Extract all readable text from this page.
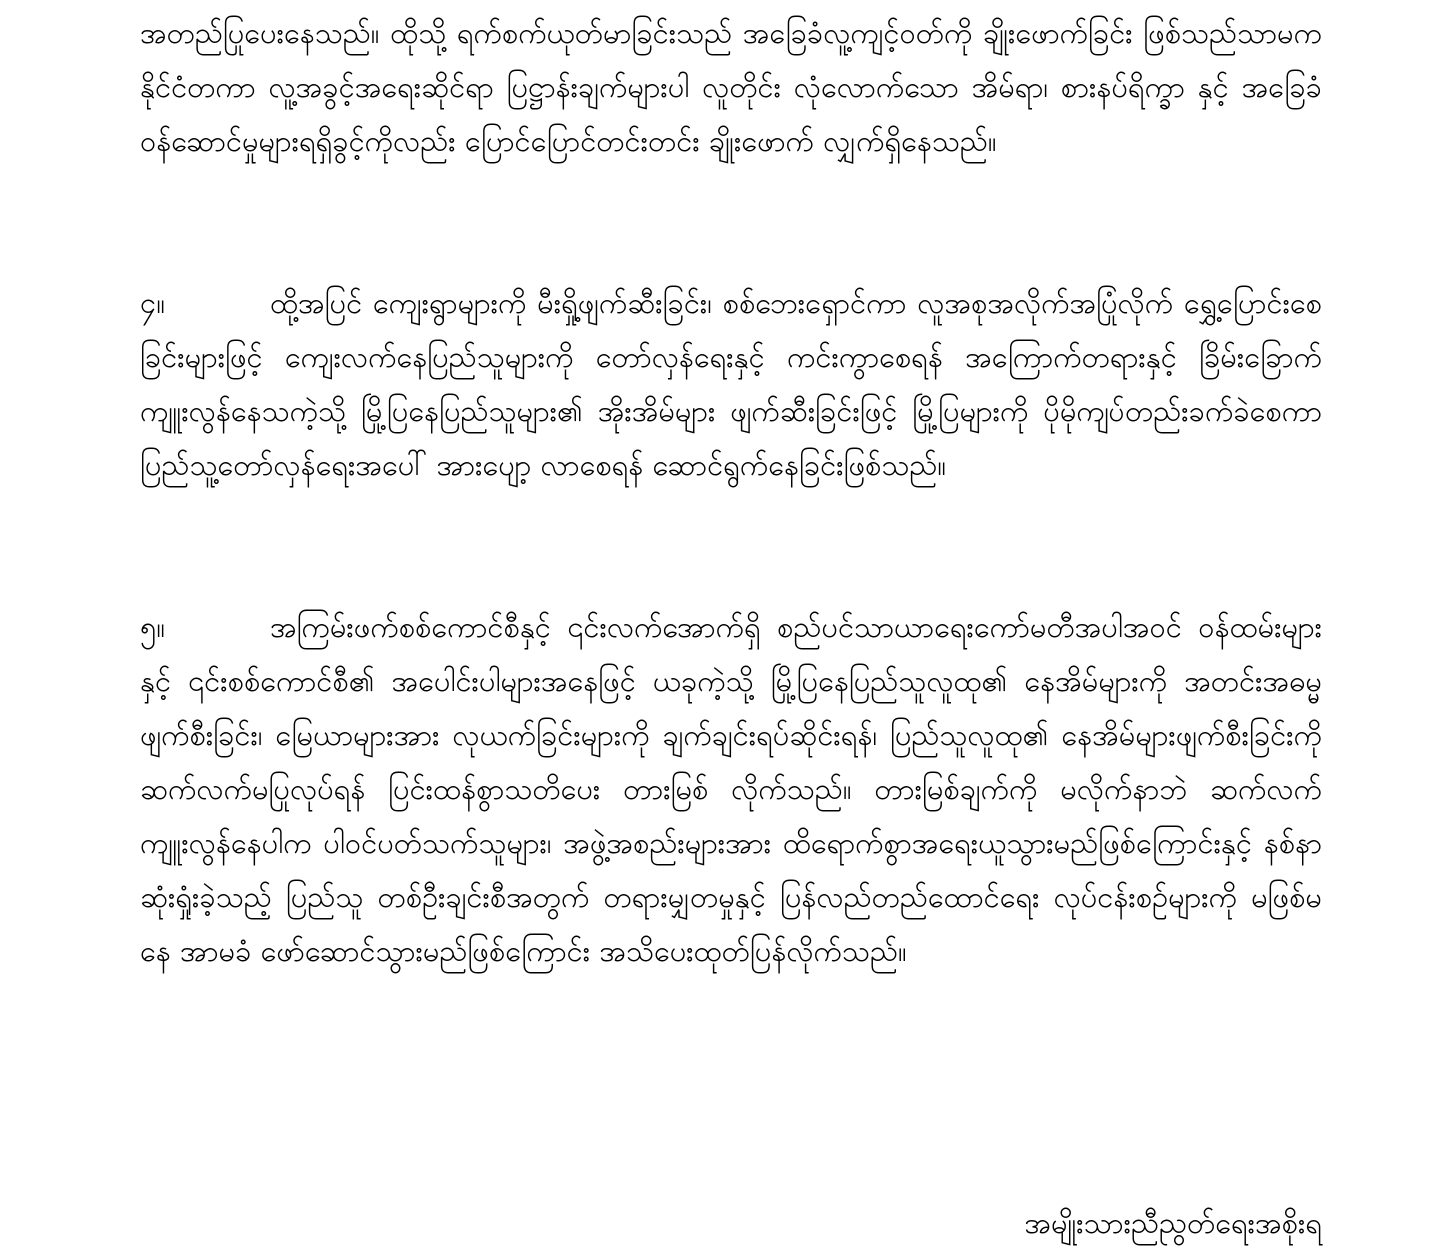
အတည်ပြုပေးနေသည်။ ထိုသို့ ရက်စက်ယုတ်မာခြင်းသည် အခြေခံလူ့ကျင့်ဝတ်ကို ချိုးဖောက်ခြင်း ဖြစ်သည်သာမက နိုင်ငံတကာ လူ့အခွင့်အရေးဆိုင်ရာ ပြဋ္ဌာန်းချက်များပါ လူတိုင်း လုံလောက်သော အိမ်ရာ၊ စားနပ်ရိက္ခာ နှင့် အခြေခံဝန်ဆောင်မှုများရရှိခွင့်ကိုလည်း ပြောင်ပြောင်တင်းတင်း ချိုးဖောက် လျှက်ရှိနေသည်။
၄။	ထို့အပြင် ကျေးရွာများကို မီးရှို့ဖျက်ဆီးခြင်း၊ စစ်ဘေးရှောင်ကာ လူအစုအလိုက်အပြုံလိုက် ရွှေ့ပြောင်းစေခြင်းများဖြင့် ကျေးလက်နေပြည်သူများကို တော်လှန်ရေးနှင့် ကင်းကွာစေရန် အကြောက်တရားနှင့် ခြိမ်းခြောက်ကျူးလွန်နေသကဲ့သို့ မြို့ပြနေပြည်သူများ၏ အိုးအိမ်များ ဖျက်ဆီးခြင်းဖြင့် မြို့ပြများကို ပိုမိုကျပ်တည်းခက်ခဲစေကာ ပြည်သူ့တော်လှန်ရေးအပေါ် အားပျော့ လာစေရန် ဆောင်ရွက်နေခြင်းဖြစ်သည်။
၅။	အကြမ်းဖက်စစ်ကောင်စီနှင့် ၎င်းလက်အောက်ရှိ စည်ပင်သာယာရေးကော်မတီအပါအဝင် ဝန်ထမ်းများနှင့် ၎င်းစစ်ကောင်စီ၏ အပေါင်းပါများအနေဖြင့် ယခုကဲ့သို့ မြို့ပြနေပြည်သူလူထု၏ နေအိမ်များကို အတင်းအဓမ္မဖျက်စီးခြင်း၊ မြေယာများအား လုယက်ခြင်းများကို ချက်ချင်းရပ်ဆိုင်းရန်၊ ပြည်သူလူထု၏ နေအိမ်များဖျက်စီးခြင်းကို ဆက်လက်မပြုလုပ်ရန် ပြင်းထန်စွာသတိပေး တားမြစ် လိုက်သည်။ တားမြစ်ချက်ကို မလိုက်နာဘဲ ဆက်လက်ကျူးလွန်နေပါက ပါဝင်ပတ်သက်သူများ၊ အဖွဲ့အစည်းများအား ထိရောက်စွာအရေးယူသွားမည်ဖြစ်ကြောင်းနှင့် နစ်နာဆုံးရှုံးခဲ့သည့် ပြည်သူ တစ်ဦးချင်းစီအတွက် တရားမျှတမှုနှင့် ပြန်လည်တည်ထောင်ရေး လုပ်ငန်းစဉ်များကို မဖြစ်မနေ အာမခံ ဖော်ဆောင်သွားမည်ဖြစ်ကြောင်း အသိပေးထုတ်ပြန်လိုက်သည်။
အမျိုးသားညီညွတ်ရေးအစိုးရ
